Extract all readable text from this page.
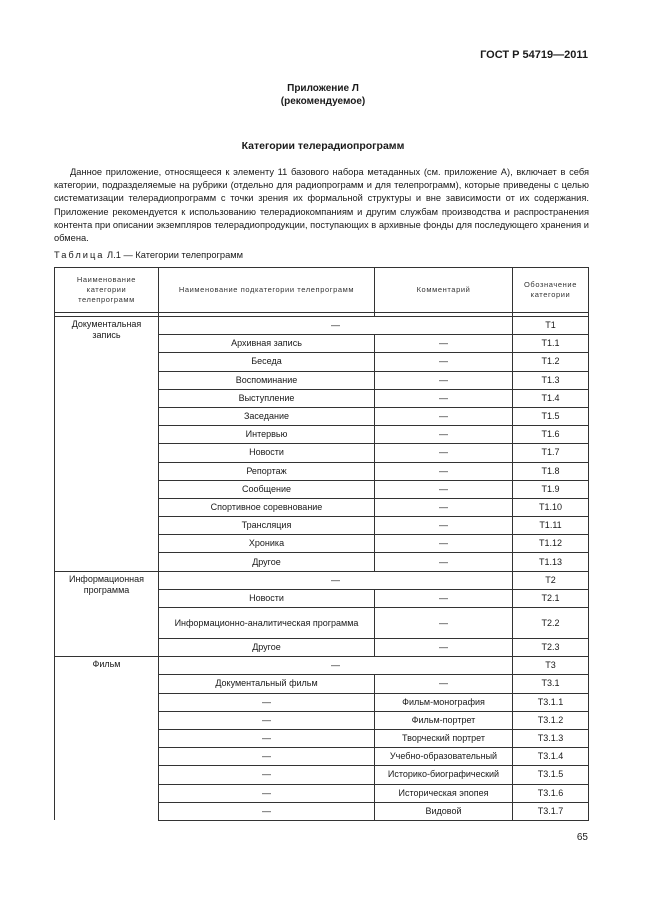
ГОСТ Р 54719—2011
Приложение Л
(рекомендуемое)
Категории телерадиопрограмм

Данное приложение, относящееся к элементу 11 базового набора метаданных (см. приложение А), включает в себя категории, подразделяемые на рубрики (отдельно для радиопрограмм и для телепрограмм), которые приведены с целью систематизации телерадиопрограмм с точки зрения их формальной структуры и вне зависимости от их содержания. Приложение рекомендуется к использованию телерадиокомпаниям и другим службам производства и распространения контента при описании экземпляров телерадиопродукции, поступающих в архивные фонды для последующего хранения и обмена.

Таблица Л.1 — Категории телепрограмм
Наименование категории телепрограмм	Наименование подкатегории телепрограмм	Комментарий	Обозначение категории

Документальная запись	—		Т1
	Архивная запись	—	Т1.1
	Беседа	—	Т1.2
	Воспоминание	—	Т1.3
	Выступление	—	Т1.4
	Заседание	—	Т1.5
	Интервью	—	Т1.6
	Новости	—	Т1.7
	Репортаж	—	Т1.8
	Сообщение	—	Т1.9
	Спортивное соревнование	—	Т1.10
	Трансляция	—	Т1.11
	Хроника	—	Т1.12
	Другое	—	Т1.13
Информационная программа	—		Т2
	Новости	—	Т2.1
	Информационно-аналитическая программа	—	Т2.2
	Другое	—	Т2.3
Фильм	—		Т3
	Документальный фильм	—	Т3.1
	—	Фильм-монография	Т3.1.1
	—	Фильм-портрет	Т3.1.2
	—	Творческий портрет	Т3.1.3
	—	Учебно-образовательный	Т3.1.4
	—	Историко-биографический	Т3.1.5
	—	Историческая эпопея	Т3.1.6
	—	Видовой	Т3.1.7
65
